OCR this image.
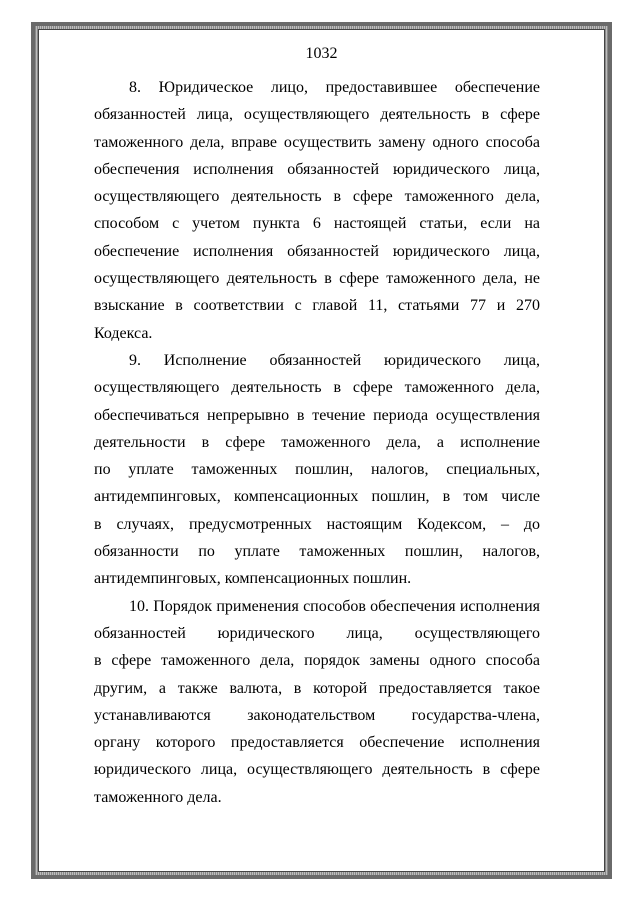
1032
8. Юридическое лицо, предоставившее обеспечение
обязанностей лица, осуществляющего деятельность в сфере
таможенного дела, вправе осуществить замену одного способа
обеспечения исполнения обязанностей юридического лица,
осуществляющего деятельность в сфере таможенного дела,
способом с учетом пункта 6 настоящей статьи, если на
обеспечение исполнения обязанностей юридического лица,
осуществляющего деятельность в сфере таможенного дела, не
взыскание в соответствии с главой 11, статьями 77 и 270
Кодекса.
9. Исполнение обязанностей юридического лица,
осуществляющего деятельность в сфере таможенного дела,
обеспечиваться непрерывно в течение периода осуществления
деятельности в сфере таможенного дела, а исполнение
по уплате таможенных пошлин, налогов, специальных,
антидемпинговых, компенсационных пошлин, в том числе
в случаях, предусмотренных настоящим Кодексом, – до
обязанности по уплате таможенных пошлин, налогов,
антидемпинговых, компенсационных пошлин.
10. Порядок применения способов обеспечения исполнения
обязанностей юридического лица, осуществляющего
в сфере таможенного дела, порядок замены одного способа
другим, а также валюта, в которой предоставляется такое
устанавливаются законодательством государства-члена,
органу которого предоставляется обеспечение исполнения
юридического лица, осуществляющего деятельность в сфере
таможенного дела.
